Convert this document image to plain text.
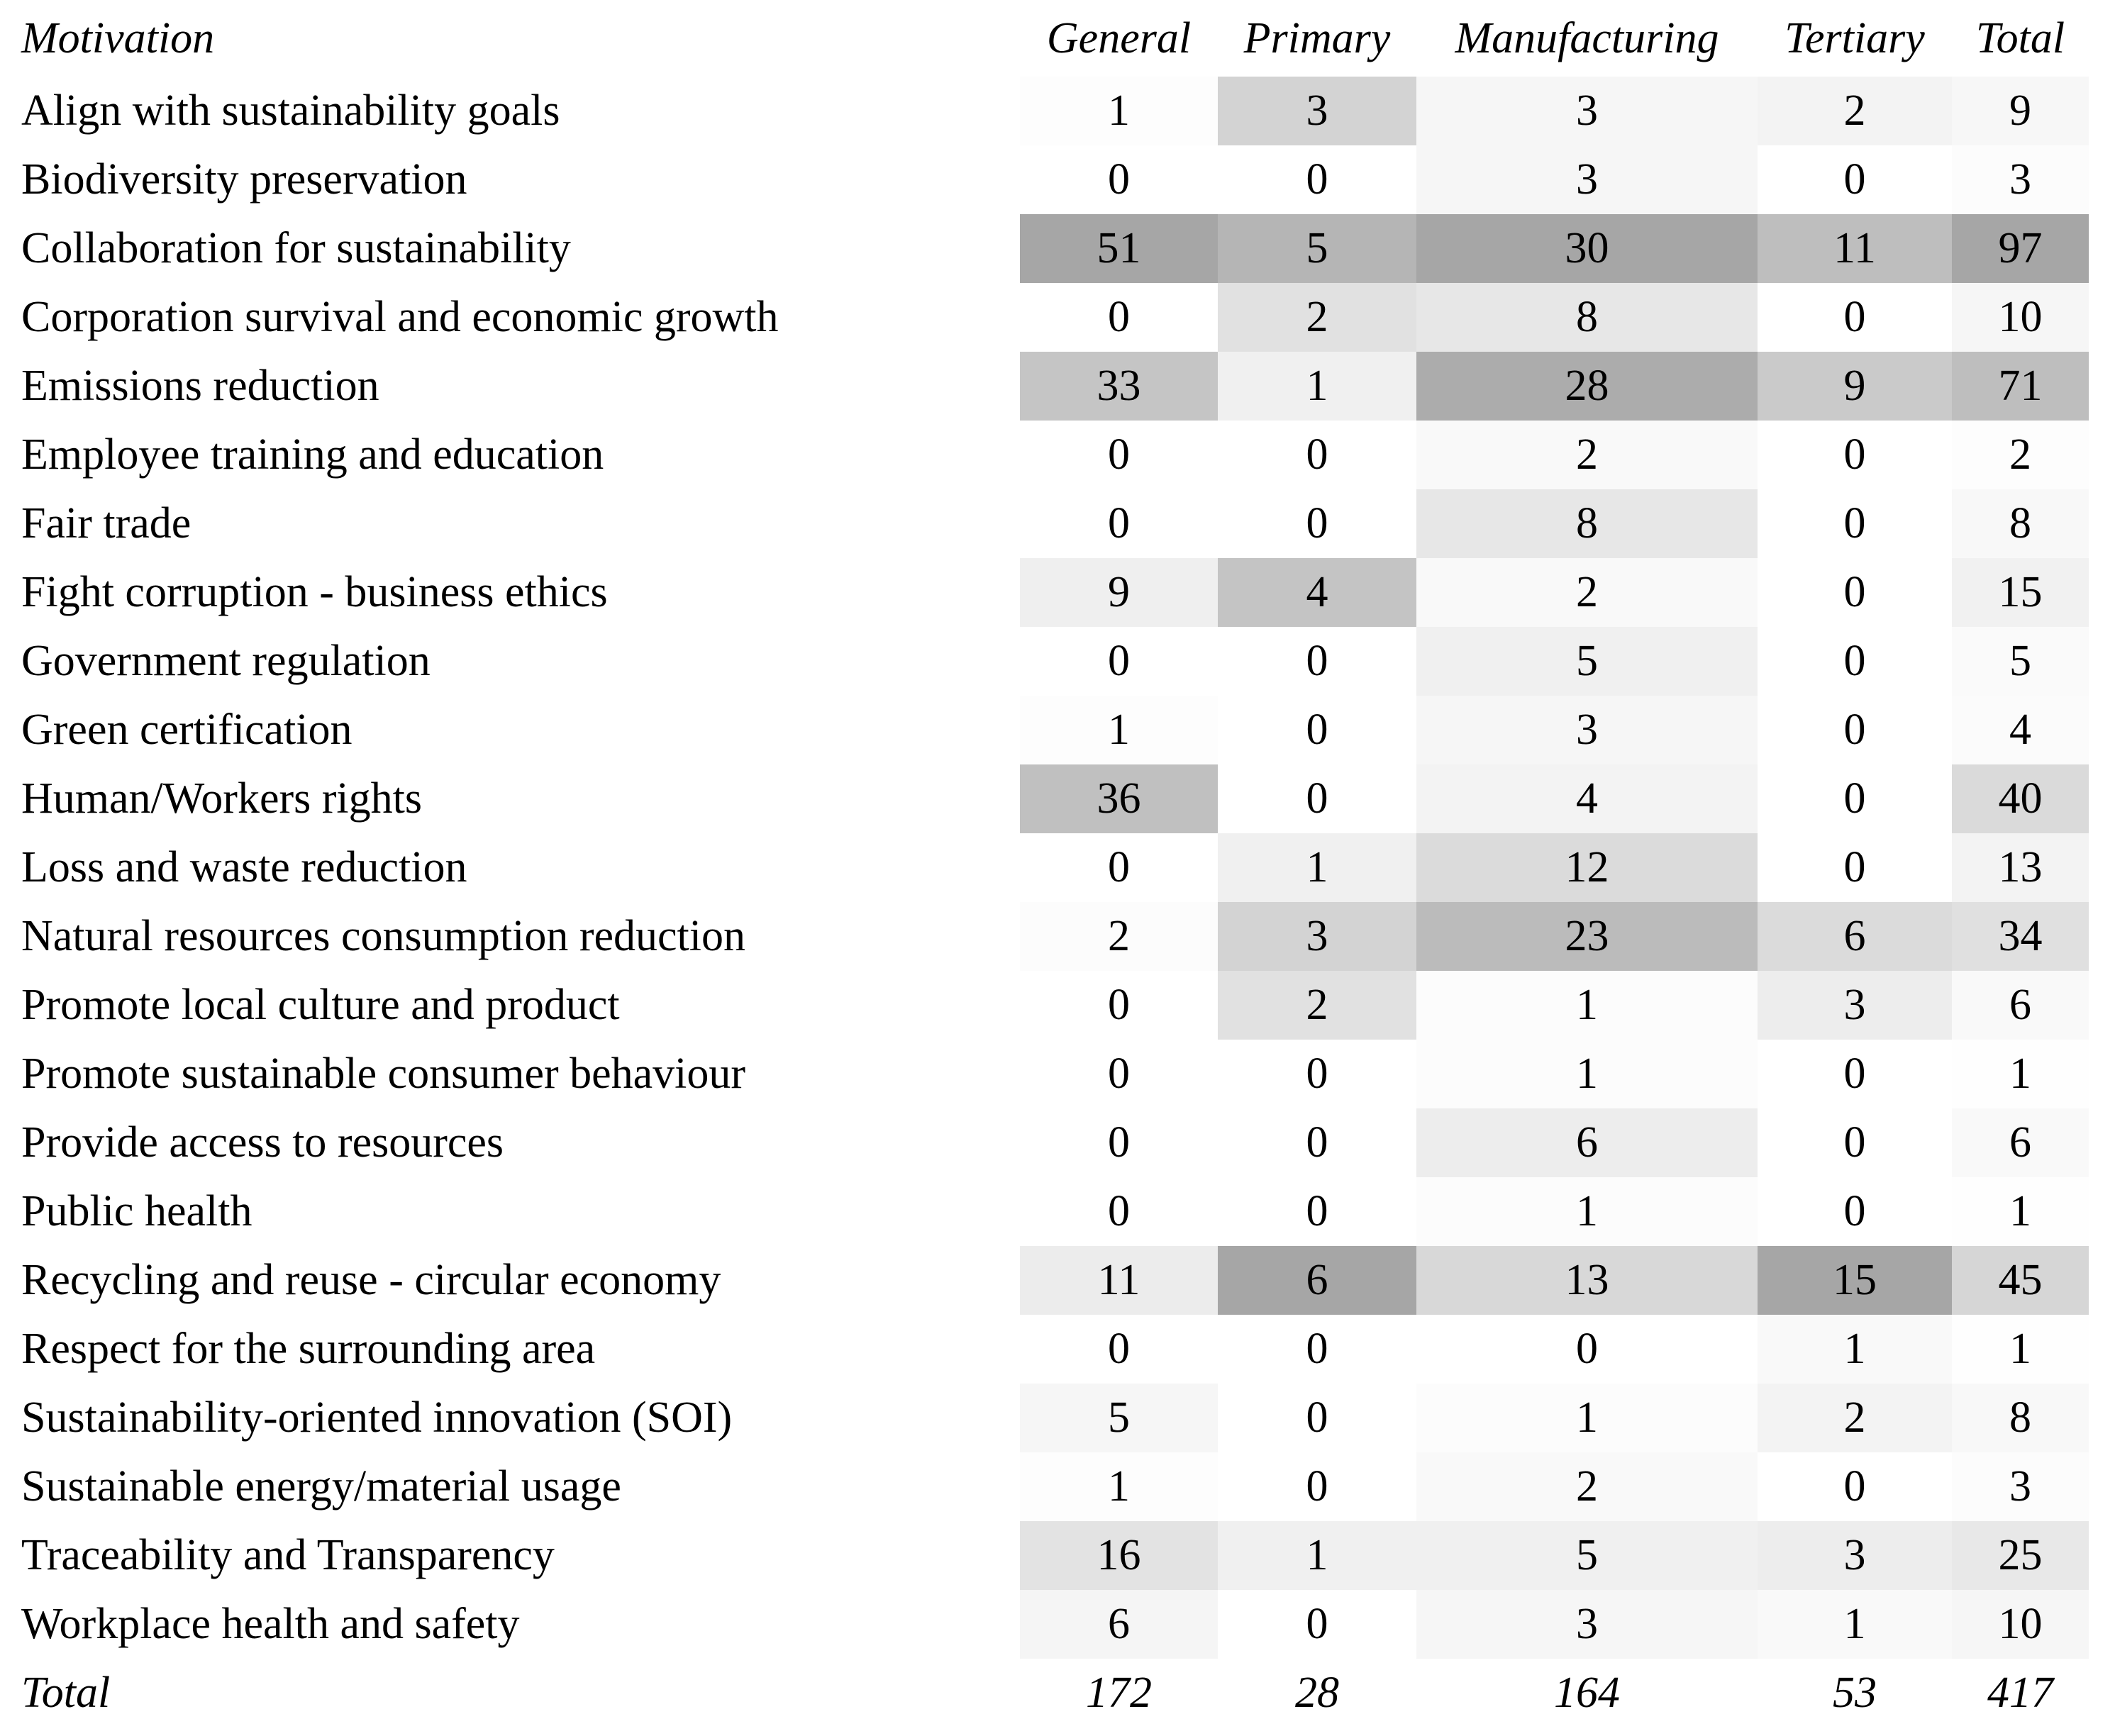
Motivation	General	Primary	Manufacturing	Tertiary	Total
Align with sustainability goals	1	3	3	2	9
Biodiversity preservation	0	0	3	0	3
Collaboration for sustainability	51	5	30	11	97
Corporation survival and economic growth	0	2	8	0	10
Emissions reduction	33	1	28	9	71
Employee training and education	0	0	2	0	2
Fair trade	0	0	8	0	8
Fight corruption - business ethics	9	4	2	0	15
Government regulation	0	0	5	0	5
Green certification	1	0	3	0	4
Human/Workers rights	36	0	4	0	40
Loss and waste reduction	0	1	12	0	13
Natural resources consumption reduction	2	3	23	6	34
Promote local culture and product	0	2	1	3	6
Promote sustainable consumer behaviour	0	0	1	0	1
Provide access to resources	0	0	6	0	6
Public health	0	0	1	0	1
Recycling and reuse - circular economy	11	6	13	15	45
Respect for the surrounding area	0	0	0	1	1
Sustainability-oriented innovation (SOI)	5	0	1	2	8
Sustainable energy/material usage	1	0	2	0	3
Traceability and Transparency	16	1	5	3	25
Workplace health and safety	6	0	3	1	10
Total	172	28	164	53	417
